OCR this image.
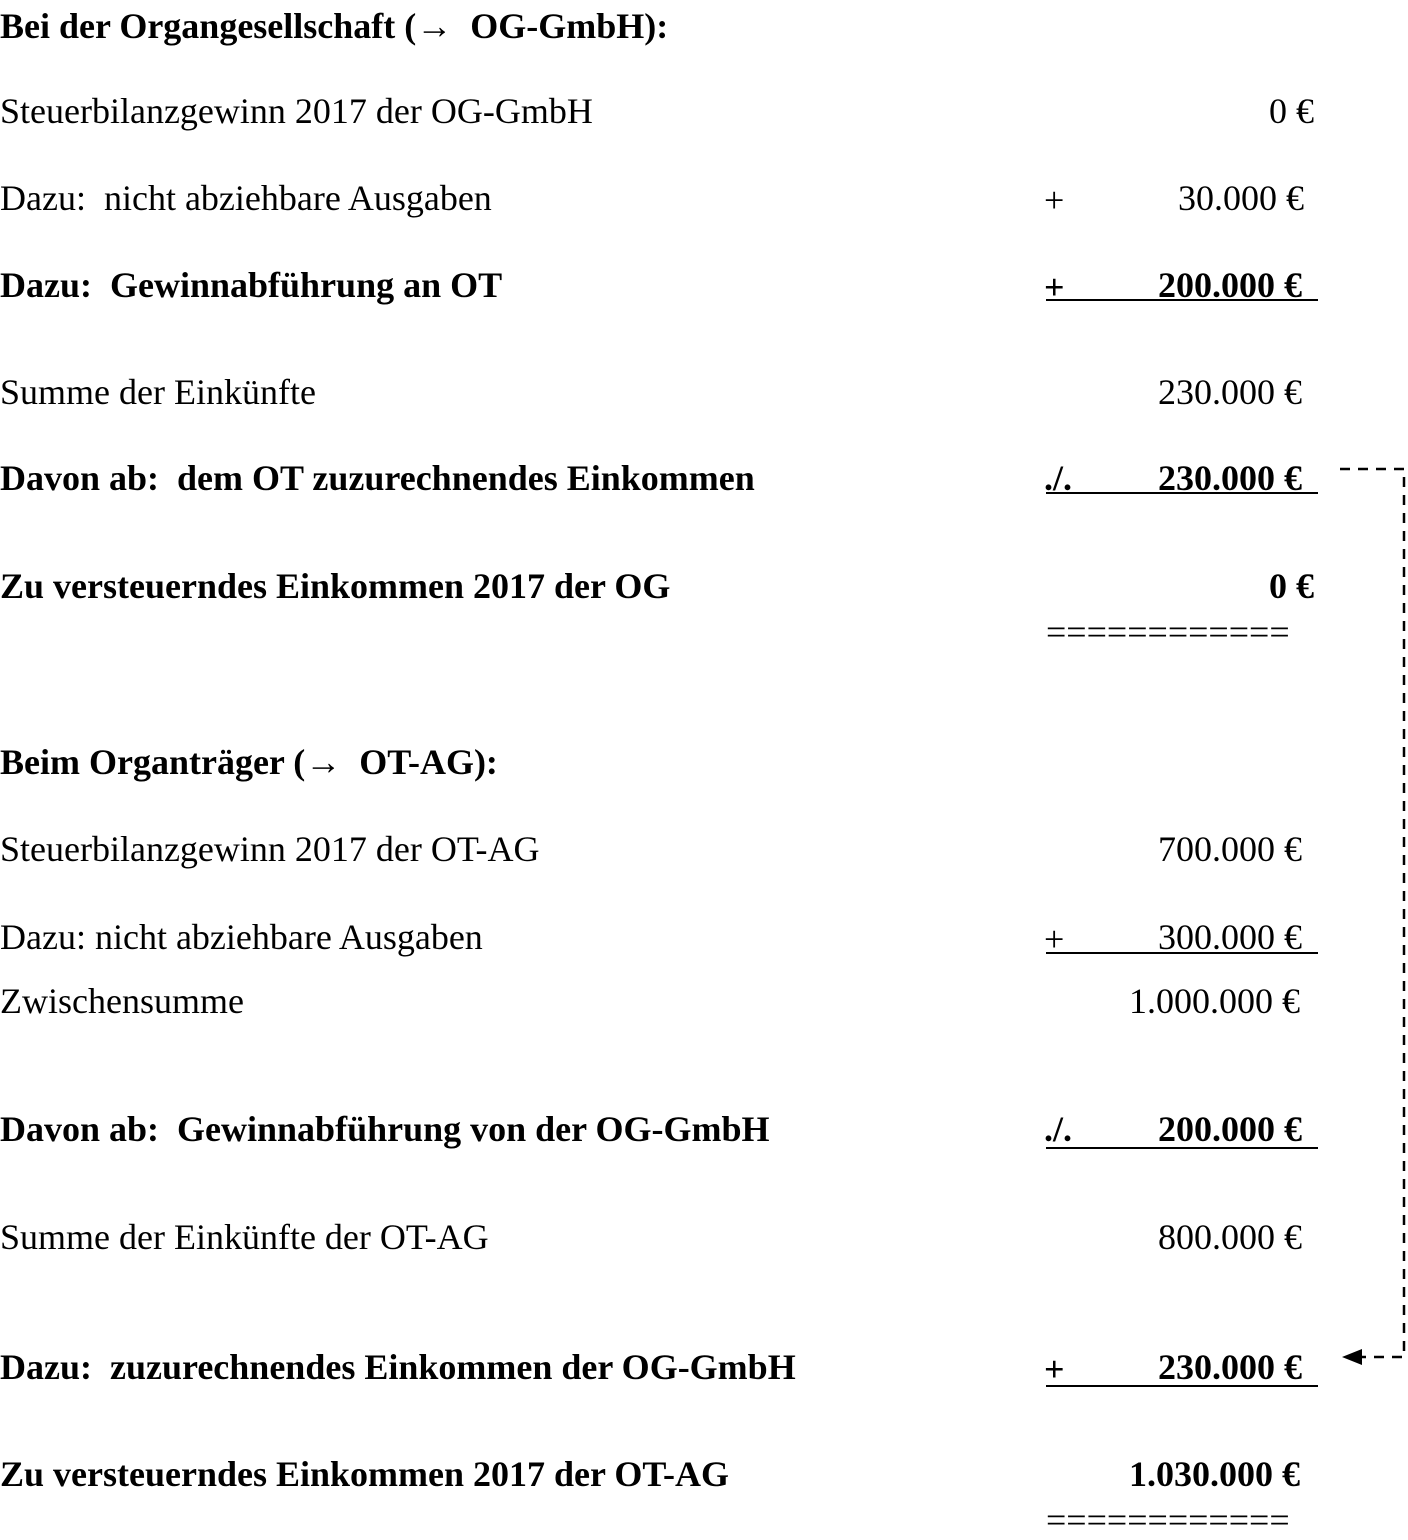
Bei der Organgesellschaft (→  OG-GmbH):
Steuerbilanzgewinn 2017 der OG-GmbH	0 €
Dazu:  nicht abziehbare Ausgaben	+	30.000 €
Dazu:  Gewinnabführung an OT	+	200.000 €
Summe der Einkünfte	230.000 €
Davon ab:  dem OT zuzurechnendes Einkommen	./. 230.000 €
Zu versteuerndes Einkommen 2017 der OG	0 €
============
Beim Organträger (→  OT-AG):
Steuerbilanzgewinn 2017 der OT-AG	700.000 €
Dazu: nicht abziehbare Ausgaben	+	300.000 €
Zwischensumme	1.000.000 €
Davon ab:  Gewinnabführung von der OG-GmbH	./. 200.000 €
Summe der Einkünfte der OT-AG	800.000 €
Dazu:  zuzurechnendes Einkommen der OG-GmbH	+	230.000 €
Zu versteuerndes Einkommen 2017 der OT-AG	1.030.000 €
============
